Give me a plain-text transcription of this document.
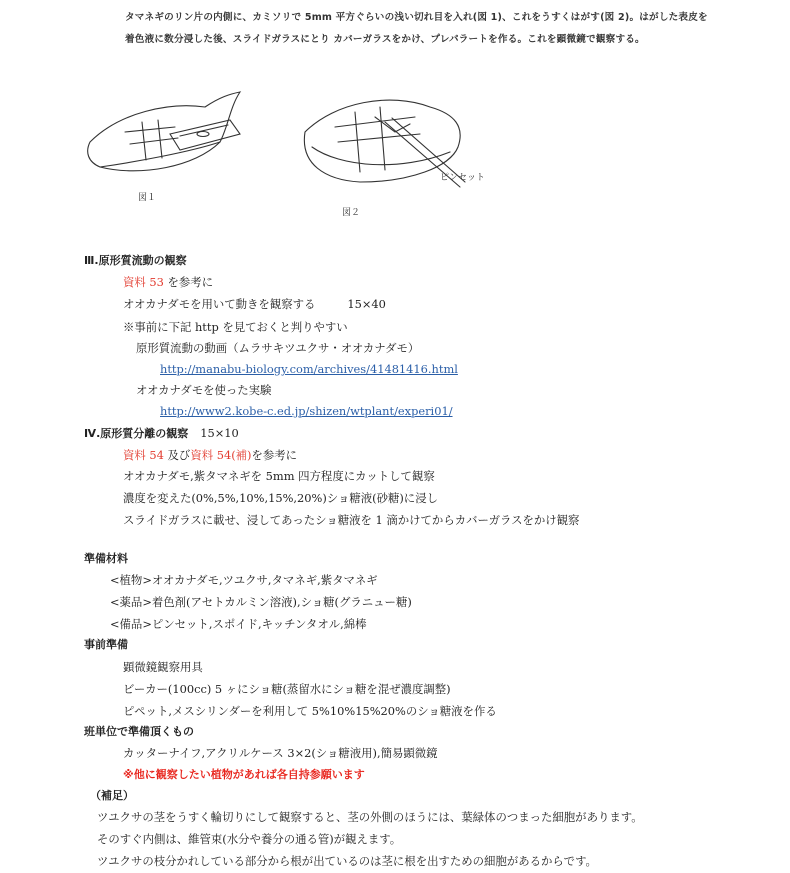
タマネギのリン片の内側に、カミソリで 5mm 平方ぐらいの浅い切れ目を入れ(図 1)、これをうすくはがす(図 2)。はがした表皮を

着色液に数分浸した後、スライドガラスにとり カバーガラスをかけ、プレパラートを作る。これを顕微鏡で観察する。

図１
ピンセット
図２
Ⅲ.原形質流動の観察
資料 53 を参考に
オオカナダモを用いて動きを観察する	15×40
※事前に下記 http を見ておくと判りやすい
原形質流動の動画（ムラサキツユクサ・オオカナダモ）
http://manabu-biology.com/archives/41481416.html
オオカナダモを使った実験
http://www2.kobe-c.ed.jp/shizen/wtplant/experi01/
Ⅳ.原形質分離の観察 15×10
資料 54 及び資料 54(補)を参考に
オオカナダモ,紫タマネギを 5mm 四方程度にカットして観察
濃度を変えた(0%,5%,10%,15%,20%)ショ糖液(砂糖)に浸し
スライドガラスに載せ、浸してあったショ糖液を 1 滴かけてからカバーガラスをかけ観察
準備材料
<植物>オオカナダモ,ツユクサ,タマネギ,紫タマネギ
<薬品>着色剤(アセトカルミン溶液),ショ糖(グラニュー糖)
<備品>ピンセット,スポイド,キッチンタオル,綿棒
事前準備
顕微鏡観察用具
ビーカー(100cc) 5 ヶにショ糖(蒸留水にショ糖を混ぜ濃度調整)
ピペット,メスシリンダーを利用して 5%10%15%20%のショ糖液を作る
班単位で準備頂くもの
カッターナイフ,アクリルケース 3×2(ショ糖液用),簡易顕微鏡
※他に観察したい植物があれば各自持参願います
（補足）
ツユクサの茎をうすく輪切りにして観察すると、茎の外側のほうには、葉緑体のつまった細胞があります。
そのすぐ内側は、維管束(水分や養分の通る管)が観えます。
ツユクサの枝分かれしている部分から根が出ているのは茎に根を出すための細胞があるからです。
